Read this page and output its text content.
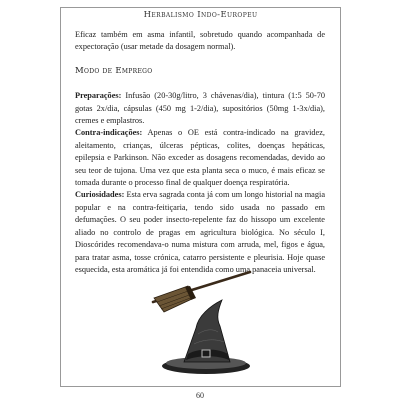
Herbalismo Indo-Europeu

Eficaz também em asma infantil, sobretudo quando acompanhada de expectoração (usar metade da dosagem normal).

Modo de Emprego

Preparações: Infusão (20-30g/litro, 3 chávenas/dia), tintura (1:5 50-70 gotas 2x/dia, cápsulas (450 mg 1-2/dia), supositórios (50mg 1-3x/dia), cremes e emplastros.

Contra-indicações: Apenas o OE está contra-indicado na gravidez, aleitamento, crianças, úlceras pépticas, colites, doenças hepáticas, epilepsia e Parkinson. Não exceder as dosagens recomendadas, devido ao seu teor de tujona. Uma vez que esta planta seca o muco, é mais eficaz se tomada durante o processo final de qualquer doença respiratória.

Curiosidades: Esta erva sagrada conta já com um longo historial na magia popular e na contra-feitiçaria, tendo sido usada no passado em defumações. O seu poder insecto-repelente faz do hissopo um excelente aliado no controlo de pragas em agricultura biológica. No século I, Dioscórides recomendava-o numa mistura com arruda, mel, figos e água, para tratar asma, tosse crónica, catarro persistente e pleurisia. Hoje quase esquecida, esta aromática já foi entendida como uma panaceia universal.

60
